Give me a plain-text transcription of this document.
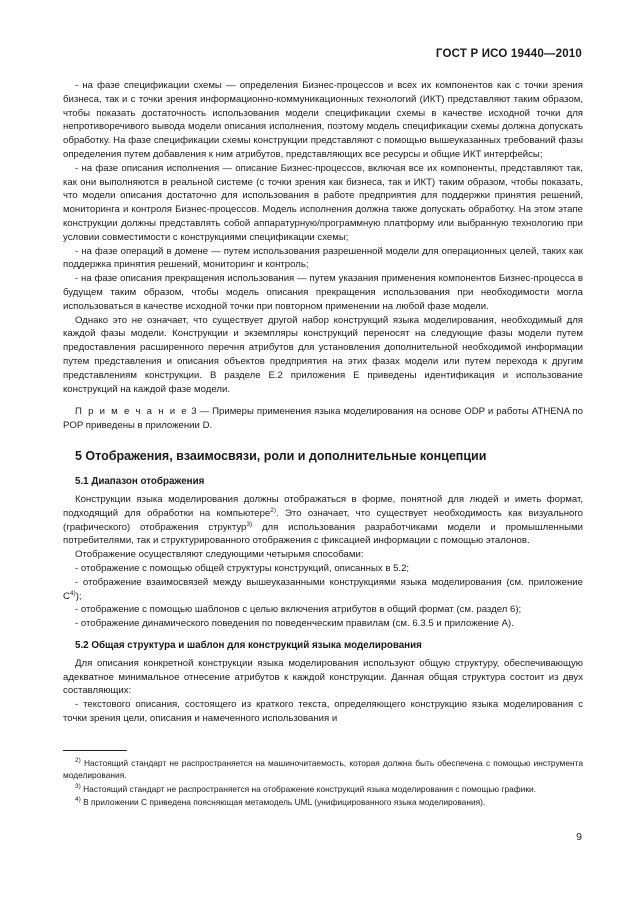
ГОСТ Р ИСО 19440—2010

- на фазе спецификации схемы — определения Бизнес-процессов и всех их компонентов как с точки зрения бизнеса, так и с точки зрения информационно-коммуникационных технологий (ИКТ) представляют таким образом, чтобы показать достаточность использования модели спецификации схемы в качестве исходной точки для непротиворечивого вывода модели описания исполнения, поэтому модель спецификации схемы должна допускать обработку. На фазе спецификации схемы конструкции представляют с помощью вышеуказанных требований фазы определения путем добавления к ним атрибутов, представляющих все ресурсы и общие ИКТ интерфейсы;

- на фазе описания исполнения — описание Бизнес-процессов, включая все их компоненты, представляют так, как они выполняются в реальной системе (с точки зрения как бизнеса, так и ИКТ) таким образом, чтобы показать, что модели описания достаточно для использования в работе предприятия для поддержки принятия решений, мониторинга и контроля Бизнес-процессов. Модель исполнения должна также допускать обработку. На этом этапе конструкции должны представлять собой аппаратурную/программную платформу или выбранную технологию при условии совместимости с конструкциями спецификации схемы;

- на фазе операций в домене — путем использования разрешенной модели для операционных целей, таких как поддержка принятия решений, мониторинг и контроль;

- на фазе описания прекращения использования — путем указания применения компонентов Бизнес-процесса в будущем таким образом, чтобы модель описания прекращения использования при необходимости могла использоваться в качестве исходной точки при повторном применении на любой фазе модели.

Однако это не означает, что существует другой набор конструкций языка моделирования, необходимый для каждой фазы модели. Конструкции и экземпляры конструкций переносят на следующие фазы модели путем предоставления расширенного перечня атрибутов для установления дополнительной необходимой информации путем представления и описания объектов предприятия на этих фазах модели или путем перехода к другим представлениям конструкции. В разделе E.2 приложения E приведены идентификация и использование конструкций на каждой фазе модели.

П р и м е ч а н и е 3 — Примеры применения языка моделирования на основе ODP и работы ATHENA по POP приведены в приложении D.

5 Отображения, взаимосвязи, роли и дополнительные концепции
5.1 Диапазон отображения

Конструкции языка моделирования должны отображаться в форме, понятной для людей и иметь формат, подходящий для обработки на компьютере$^{2)}$. Это означает, что существует необходимость как визуального (графического) отображения структур$^{3)}$ для использования разработчиками модели и промышленными потребителями, так и структурированного отображения с фиксацией информации с помощью эталонов.

Отображение осуществляют следующими четырьмя способами:

- отображение с помощью общей структуры конструкций, описанных в 5.2;

- отображение взаимосвязей между вышеуказанными конструкциями языка моделирования (см. приложение $C^{4)}$);

- отображение с помощью шаблонов с целью включения атрибутов в общий формат (см. раздел 6);

- отображение динамического поведения по поведенческим правилам (см. 6.3.5 и приложение A).

5.2 Общая структура и шаблон для конструкций языка моделирования

Для описания конкретной конструкции языка моделирования используют общую структуру, обеспечивающую адекватное минимальное отнесение атрибутов к каждой конструкции. Данная общая структура состоит из двух составляющих:

- текстового описания, состоящего из краткого текста, определяющего конструкцию языка моделирования с точки зрения цели, описания и намеченного использования и

$^{2)}$ Настоящий стандарт не распространяется на машиночитаемость, которая должна быть обеспечена с помощью инструмента моделирования.

$^{3)}$ Настоящий стандарт не распространяется на отображение конструкций языка моделирования с помощью графики.

$^{4)}$ В приложении C приведена поясняющая метамодель UML (унифицированного языка моделирования).

9
